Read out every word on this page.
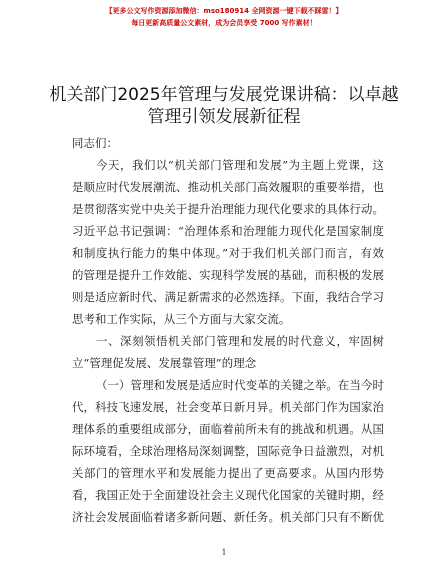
【更多公文写作资源添加微信：mso180914 全网资源一键下载不踩雷！】
每日更新高质量公文素材，成为会员享受 7000 写作素材！
机关部门2025年管理与发展党课讲稿：以卓越
管理引领发展新征程
同志们：
今天，我们以“机关部门管理和发展”为主题上党课，这
是顺应时代发展潮流、推动机关部门高效履职的重要举措，也
是贯彻落实党中央关于提升治理能力现代化要求的具体行动。
习近平总书记强调：“治理体系和治理能力现代化是国家制度
和制度执行能力的集中体现。”对于我们机关部门而言，有效
的管理是提升工作效能、实现科学发展的基础，而积极的发展
则是适应新时代、满足新需求的必然选择。下面，我结合学习
思考和工作实际，从三个方面与大家交流。
一、深刻领悟机关部门管理和发展的时代意义，牢固树
立“管理促发展、发展靠管理”的理念
（一）管理和发展是适应时代变革的关键之举。在当今时
代，科技飞速发展，社会变革日新月异。机关部门作为国家治
理体系的重要组成部分，面临着前所未有的挑战和机遇。从国
际环境看，全球治理格局深刻调整，国际竞争日益激烈，对机
关部门的管理水平和发展能力提出了更高要求。从国内形势
看，我国正处于全面建设社会主义现代化国家的关键时期，经
济社会发展面临着诸多新问题、新任务。机关部门只有不断优
1
